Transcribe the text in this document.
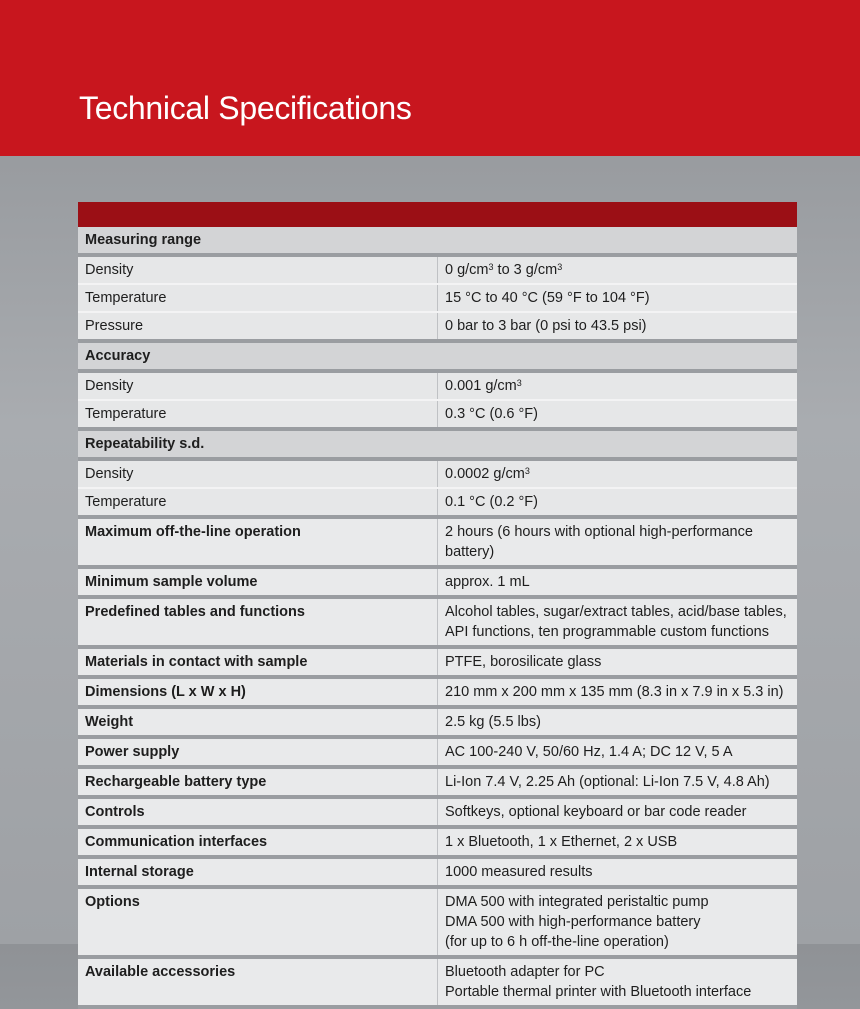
Technical Specifications
Measuring range	
Density	0 $g/cm^3$ to 3 $g/cm^3$
Temperature	15 °C to 40 °C (59 °F to 104 °F)
Pressure	0 bar to 3 bar (0 psi to 43.5 psi)
Accuracy	
Density	0.001 $g/cm^3$
Temperature	0.3 °C (0.6 °F)
Repeatability s.d.	
Density	0.0002 $g/cm^3$
Temperature	0.1 °C (0.2 °F)
Maximum off-the-line operation	2 hours (6 hours with optional high-performance battery)

Minimum sample volume	approx. 1 mL

Predefined tables and functions	Alcohol tables, sugar/extract tables, acid/base tables, API functions, ten programmable custom functions

Materials in contact with sample	PTFE, borosilicate glass

Dimensions (L x W x H)	210 mm x 200 mm x 135 mm (8.3 in x 7.9 in x 5.3 in)

Weight	2.5 kg (5.5 lbs)

Power supply	AC 100-240 V, 50/60 Hz, 1.4 A; DC 12 V, 5 A

Rechargeable battery type	Li-Ion 7.4 V, 2.25 Ah (optional: Li-Ion 7.5 V, 4.8 Ah)

Controls	Softkeys, optional keyboard or bar code reader

Communication interfaces	1 x Bluetooth, 1 x Ethernet, 2 x USB

Internal storage	1000 measured results

Options	DMA 500 with integrated peristaltic pump
DMA 500 with high-performance battery
(for up to 6 h off-the-line operation)

Available accessories	Bluetooth adapter for PC
Portable thermal printer with Bluetooth interface
